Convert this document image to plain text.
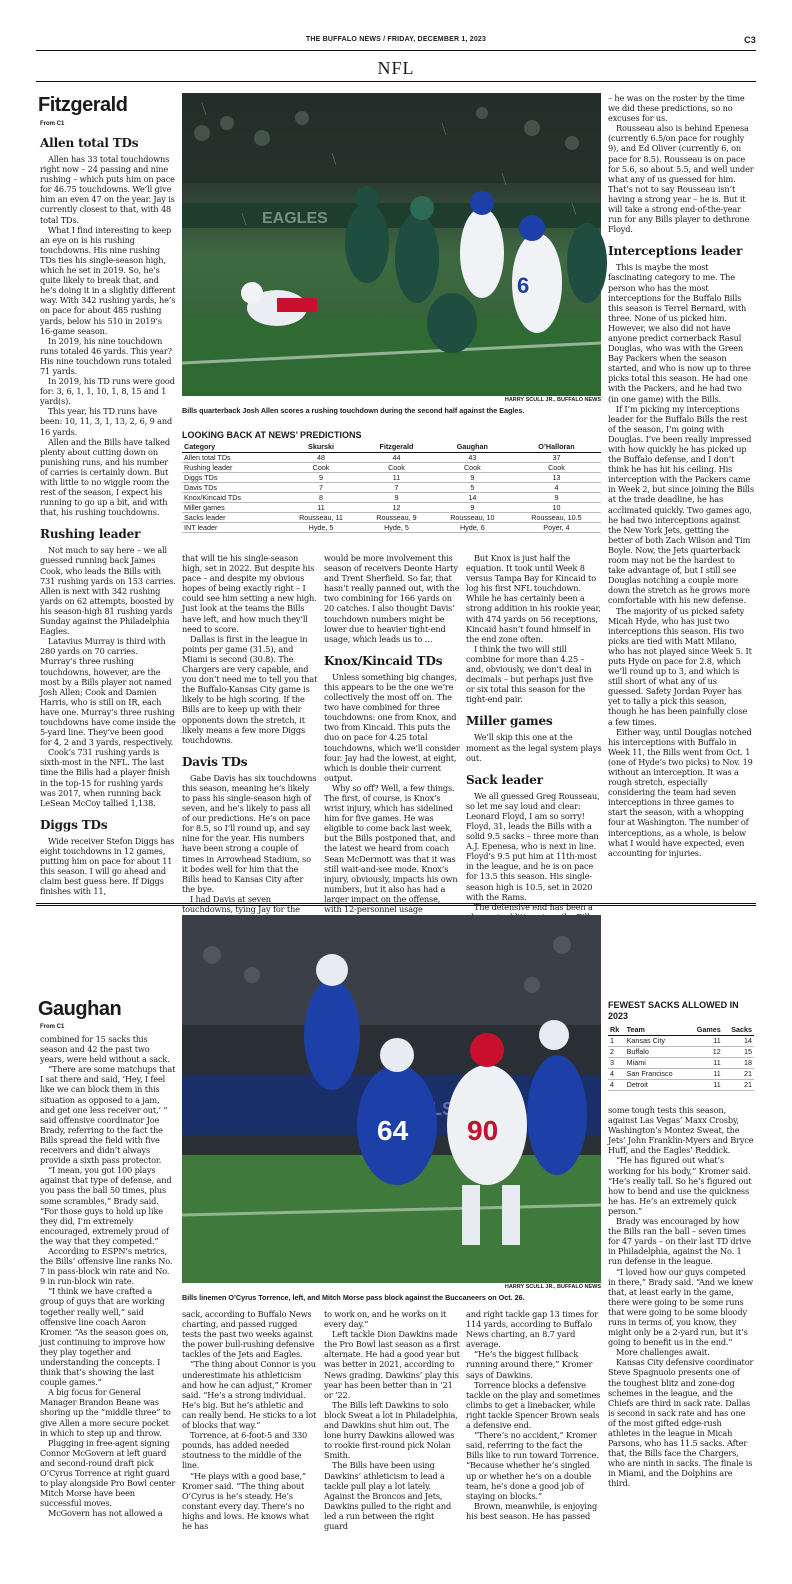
THE BUFFALO NEWS / FRIDAY, DECEMBER 1, 2023	C3
NFL
Fitzgerald
From C1
Allen total TDs

Allen has 33 total touchdowns right now – 24 passing and nine rushing – which puts him on pace for 46.75 touchdowns. We’ll give him an even 47 on the year. Jay is currently closest to that, with 48 total TDs.

What I find interesting to keep an eye on is his rushing touchdowns. His nine rushing TDs ties his single-season high, which he set in 2019. So, he’s quite likely to break that, and he’s doing it in a slightly different way. With 342 rushing yards, he’s on pace for about 485 rushing yards, below his 510 in 2019’s 16-game season.

In 2019, his nine touchdown runs totaled 46 yards. This year? His nine touchdown runs totaled 71 yards.

In 2019, his TD runs were good for: 3, 6, 1, 1, 10, 1, 8, 15 and 1 yard(s).

This year, his TD runs have been: 10, 11, 3, 1, 13, 2, 6, 9 and 16 yards.

Allen and the Bills have talked plenty about cutting down on punishing runs, and his number of carries is certainly down. But with little to no wiggle room the rest of the season, I expect his running to go up a bit, and with that, his rushing touchdowns.

Rushing leader

Not much to say here – we all guessed running back James Cook, who leads the Bills with 731 rushing yards on 153 carries. Allen is next with 342 rushing yards on 62 attempts, boosted by his season-high 81 rushing yards Sunday against the Philadelphia Eagles.

Latavius Murray is third with 280 yards on 70 carries. Murray’s three rushing touchdowns, however, are the most by a Bills player not named Josh Allen; Cook and Damien Harris, who is still on IR, each have one. Murray’s three rushing touchdowns have come inside the 5-yard line. They’ve been good for 4, 2 and 3 yards, respectively.

Cook’s 731 rushing yards is sixth-most in the NFL. The last time the Bills had a player finish in the top-15 for rushing yards was 2017, when running back LeSean McCoy tallied 1,138.

Diggs TDs

Wide receiver Stefon Diggs has eight touchdowns in 12 games, putting him on pace for about 11 this season. I will go ahead and claim best guess here. If Diggs finishes with 11,

EAGLES
6
HARRY SCULL JR., BUFFALO NEWS
Bills quarterback Josh Allen scores a rushing touchdown during the second half against the Eagles.
LOOKING BACK AT NEWS’ PREDICTIONS
Category	Skurski	Fitzgerald	Gaughan	O’Halloran
Allen total TDs	48	44	43	37
Rushing leader	Cook	Cook	Cook	Cook
Diggs TDs	9	11	9	13
Davis TDs	7	7	5	4
Knox/Kincaid TDs	8	9	14	9
Miller games	11	12	9	10
Sacks leader	Rousseau, 11	Rousseau, 9	Rousseau, 10	Rousseau, 10.5
INT leader	Hyde, 5	Hyde, 5	Hyde, 6	Poyer, 4

that will tie his single-season high, set in 2022. But despite his pace – and despite my obvious hopes of being exactly right – I could see him setting a new high. Just look at the teams the Bills have left, and how much they’ll need to score.

Dallas is first in the league in points per game (31.5), and Miami is second (30.8). The Chargers are very capable, and you don’t need me to tell you that the Buffalo-Kansas City game is likely to be high scoring. If the Bills are to keep up with their opponents down the stretch, it likely means a few more Diggs touchdowns.

Davis TDs

Gabe Davis has six touchdowns this season, meaning he’s likely to pass his single-season high of seven, and he’s likely to pass all of our predictions. He’s on pace for 8.5, so I’ll round up, and say nine for the year. His numbers have been strong a couple of times in Arrowhead Stadium, so it bodes well for him that the Bills head to Kansas City after the bye.

I had Davis at seven touchdowns, tying Jay for the

would be more involvement this season of receivers Deonte Harty and Trent Sherfield. So far, that hasn’t really panned out, with the two combining for 166 yards on 20 catches. I also thought Davis’ touchdown numbers might be lower due to heavier tight-end usage, which leads us to …

Knox/Kincaid TDs

Unless something big changes, this appears to be the one we’re collectively the most off on. The two have combined for three touchdowns: one from Knox, and two from Kincaid. This puts the duo on pace for 4.25 total touchdowns, which we’ll consider four. Jay had the lowest, at eight, which is double their current output.

Why so off? Well, a few things. The first, of course, is Knox’s wrist injury, which has sidelined him for five games. He was eligible to come back last week, but the Bills postponed that, and the latest we heard from coach Sean McDermott was that it was still wait-and-see mode. Knox’s injury, obviously, impacts his own numbers, but it also has had a larger impact on the offense, with 12-personnel usage

But Knox is just half the equation. It took until Week 8 versus Tampa Bay for Kincaid to log his first NFL touchdown. While he has certainly been a strong addition in his rookie year, with 474 yards on 56 receptions, Kincaid hasn’t found himself in the end zone often.

I think the two will still combine for more than 4.25 – and, obviously, we don’t deal in decimals – but perhaps just five or six total this season for the tight-end pair.

Miller games

We’ll skip this one at the moment as the legal system plays out.

Sack leader

We all guessed Greg Rousseau, so let me say loud and clear: Leonard Floyd, I am so sorry! Floyd, 31, leads the Bills with a solid 9.5 sacks – three more than A.J. Epenesa, who is next in line. Floyd’s 9.5 put him at 11th-most in the league, and he is on pace for 13.5 this season. His single-season high is 10.5, set in 2020 with the Rams.

The defensive end has been a

– he was on the roster by the time we did these predictions, so no excuses for us.

Rousseau also is behind Epenesa (currently 6.5/on pace for roughly 9), and Ed Oliver (currently 6, on pace for 8.5). Rousseau is on pace for 5.6, so about 5.5, and well under what any of us guessed for him. That’s not to say Rousseau isn’t having a strong year – he is. But it will take a strong end-of-the-year run for any Bills player to dethrone Floyd.

Interceptions leader

This is maybe the most fascinating category to me. The person who has the most interceptions for the Buffalo Bills this season is Terrel Bernard, with three. None of us picked him. However, we also did not have anyone predict cornerback Rasul Douglas, who was with the Green Bay Packers when the season started, and who is now up to three picks total this season. He had one with the Packers, and he had two (in one game) with the Bills.

If I’m picking my interceptions leader for the Buffalo Bills the rest of the season, I’m going with Douglas. I’ve been really impressed with how quickly he has picked up the Buffalo defense, and I don’t think he has hit his ceiling. His interception with the Packers came in Week 2, but since joining the Bills at the trade deadline, he has acclimated quickly. Two games ago, he had two interceptions against the New York Jets, getting the better of both Zach Wilson and Tim Boyle. Now, the Jets quarterback room may not be the hardest to take advantage of, but I still see Douglas notching a couple more down the stretch as he grows more comfortable with his new defense.

The majority of us picked safety Micah Hyde, who has just two interceptions this season. His two picks are tied with Matt Milano, who has not played since Week 5. It puts Hyde on pace for 2.8, which we’ll round up to 3, and which is still short of what any of us guessed. Safety Jordan Poyer has yet to tally a pick this season, though he has been painfully close a few times.

Either way, until Douglas notched his interceptions with Buffalo in Week 11, the Bills went from Oct. 1 (one of Hyde’s two picks) to Nov. 19 without an interception. It was a rough stretch, especially considering the team had seven interceptions in three games to start the season, with a whopping four at Washington. The number of interceptions, as a whole, is below what I would have expected, even accounting for injuries.

Gaughan
From C1
64 90
HARRY SCULL JR., BUFFALO NEWS
Bills linemen O’Cyrus Torrence, left, and Mitch Morse pass block against the Buccaneers on Oct. 26.

combined for 15 sacks this season and 42 the past two years, were held without a sack.

“There are some matchups that I sat there and said, ‘Hey, I feel like we can block them in this situation as opposed to a jam, and get one less receiver out,’ ” said offensive coordinator Joe Brady, referring to the fact the Bills spread the field with five receivers and didn’t always provide a sixth pass protector.

“I mean, you got 100 plays against that type of defense, and you pass the ball 50 times, plus some scrambles,” Brady said. “For those guys to hold up like they did, I’m extremely encouraged, extremely proud of the way that they competed.”

According to ESPN’s metrics, the Bills’ offensive line ranks No. 7 in pass-block win rate and No. 9 in run-block win rate.

“I think we have crafted a group of guys that are working together really well,” said offensive line coach Aaron Kromer. “As the season goes on, just continuing to improve how they play together and understanding the concepts. I think that’s showing the last couple games.”

A big focus for General Manager Brandon Beane was shoring up the “middle three” to give Allen a more secure pocket in which to step up and throw.

Plugging in free-agent signing Connor McGovern at left guard and second-round draft pick O’Cyrus Torrence at right guard to play alongside Pro Bowl center Mitch Morse have been successful moves.

McGovern has not allowed a

sack, according to Buffalo News charting, and passed rugged tests the past two weeks against the power bull-rushing defensive tackles of the Jets and Eagles.

“The thing about Connor is you underestimate his athleticism and how he can adjust,” Kromer said. “He’s a strong individual. He’s big. But he’s athletic and can really bend. He sticks to a lot of blocks that way.”

Torrence, at 6-foot-5 and 330 pounds, has added needed stoutness to the middle of the line.

“He plays with a good base,” Kromer said. “The thing about O’Cyrus is he’s steady. He’s constant every day. There’s no highs and lows. He knows what he has

to work on, and he works on it every day.”

Left tackle Dion Dawkins made the Pro Bowl last season as a first alternate. He had a good year but was better in 2021, according to News grading. Dawkins’ play this year has been better than in ’21 or ’22.

The Bills left Dawkins to solo block Sweat a lot in Philadelphia, and Dawkins shut him out. The lone hurry Dawkins allowed was to rookie first-round pick Nolan Smith.

The Bills have been using Dawkins’ athleticism to lead a tackle pull play a lot lately. Against the Broncos and Jets, Dawkins pulled to the right and led a run between the right guard

and right tackle gap 13 times for 114 yards, according to Buffalo News charting, an 8.7 yard average.

“He’s the biggest fullback running around there,” Kromer says of Dawkins.

Torrence blocks a defensive tackle on the play and sometimes climbs to get a linebacker, while right tackle Spencer Brown seals a defensive end.

“There’s no accident,” Kromer said, referring to the fact the Bills like to run toward Torrence. “Because whether he’s singled up or whether he’s on a double team, he’s done a good job of staying on blocks.”

Brown, meanwhile, is enjoying his best season. He has passed

FEWEST SACKS ALLOWED IN 2023
Rk	Team	Games	Sacks
1	Kansas City	11	14
2	Buffalo	12	15
3	Miami	11	18
4	San Francisco	11	21
4	Detroit	11	21

some tough tests this season, against Las Vegas’ Maxx Crosby, Washington’s Montez Sweat, the Jets’ John Franklin-Myers and Bryce Huff, and the Eagles’ Reddick.

“He has figured out what’s working for his body,” Kromer said. “He’s really tall. So he’s figured out how to bend and use the quickness he has. He’s an extremely quick person.”

Brady was encouraged by how the Bills ran the ball – seven times for 47 yards – on their last TD drive in Philadelphia, against the No. 1 run defense in the league.

“I loved how our guys competed in there,” Brady said. “And we knew that, at least early in the game, there were going to be some runs that were going to be some bloody runs in terms of, you know, they might only be a 2-yard run, but it’s going to benefit us in the end.”

More challenges await.

Kansas City defensive coordinator Steve Spagnuolo presents one of the toughest blitz and zone-dog schemes in the league, and the Chiefs are third in sack rate. Dallas is second in sack rate and has one of the most gifted edge-rush athletes in the league in Micah Parsons, who has 11.5 sacks. After that, the Bills face the Chargers, who are ninth in sacks. The finale is in Miami, and the Dolphins are third.
